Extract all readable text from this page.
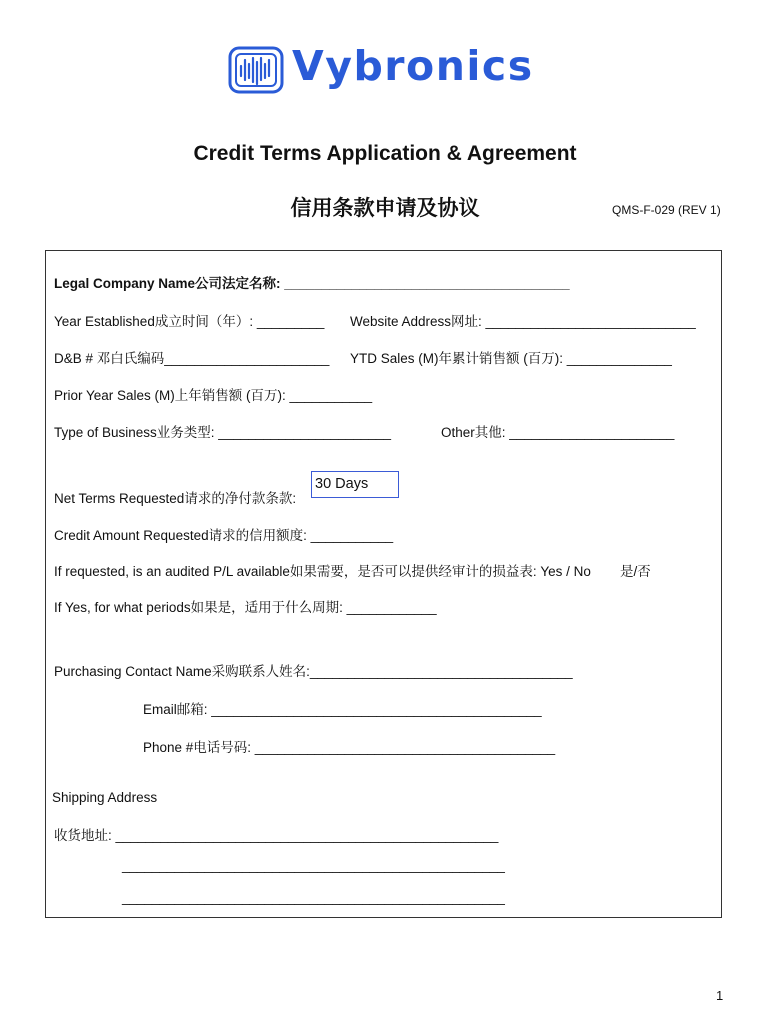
Vybronics
Credit Terms Application & Agreement
信用条款申请及协议	QMS-F-029 (REV 1)
Legal Company Name公司法定名称: ______________________________________
Year Established成立时间（年）: _________ Website Address网址: ____________________________
D&B # 邓白氏编码______________________ YTD Sales (M)年累计销售额 (百万): ______________
Prior Year Sales (M)上年销售额 (百万): ___________
Type of Business业务类型: _______________________	Other其他: ______________________
Net Terms Requested请求的净付款条款:
30 Days
Credit Amount Requested请求的信用额度: ___________
If requested, is an audited P/L available如果需要，是否可以提供经审计的损益表: Yes / No 是/否
If Yes, for what periods如果是，适用于什么周期: ____________
Purchasing Contact Name采购联系人姓名:___________________________________
Email邮箱: ____________________________________________
Phone #电话号码: ________________________________________
Shipping Address
收货地址: ___________________________________________________
___________________________________________________
___________________________________________________
1
